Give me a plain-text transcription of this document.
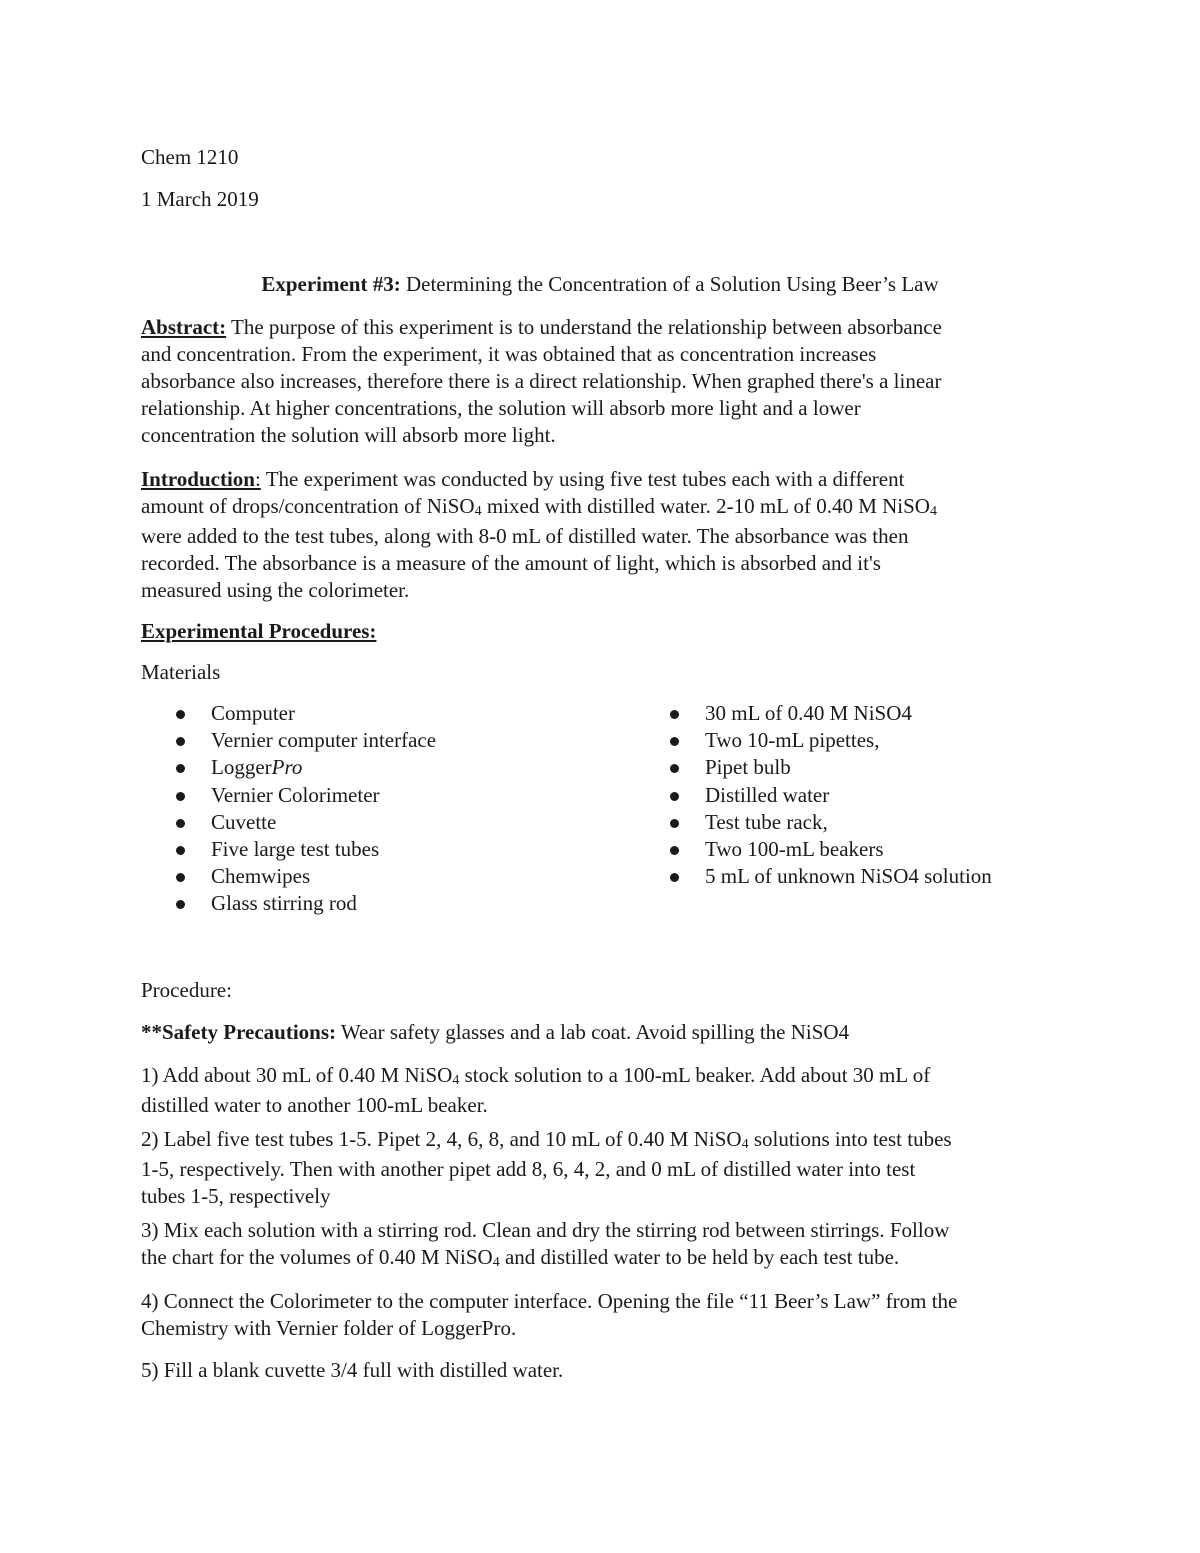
Chem 1210
1 March 2019
Experiment #3: Determining the Concentration of a Solution Using Beer’s Law

Abstract: The purpose of this experiment is to understand the relationship between absorbance

and concentration. From the experiment, it was obtained that as concentration increases

absorbance also increases, therefore there is a direct relationship. When graphed there's a linear

relationship. At higher concentrations, the solution will absorb more light and a lower

concentration the solution will absorb more light.

Introduction: The experiment was conducted by using five test tubes each with a different

amount of drops/concentration of NiSO$_4$ mixed with distilled water. 2-10 mL of 0.40 M NiSO$_4$

were added to the test tubes, along with 8-0 mL of distilled water. The absorbance was then

recorded. The absorbance is a measure of the amount of light, which is absorbed and it's

measured using the colorimeter.

Experimental Procedures:
Materials
Computer
Vernier computer interface
LoggerPro
Vernier Colorimeter
Cuvette
Five large test tubes
Chemwipes
Glass stirring rod
30 mL of 0.40 M NiSO4
Two 10-mL pipettes,
Pipet bulb
Distilled water
Test tube rack,
Two 100-mL beakers
5 mL of unknown NiSO4 solution
Procedure:
**Safety Precautions: Wear safety glasses and a lab coat. Avoid spilling the NiSO4

1) Add about 30 mL of 0.40 M NiSO$_4$ stock solution to a 100-mL beaker. Add about 30 mL of

distilled water to another 100-mL beaker.

2) Label five test tubes 1-5. Pipet 2, 4, 6, 8, and 10 mL of 0.40 M NiSO$_4$ solutions into test tubes

1-5, respectively. Then with another pipet add 8, 6, 4, 2, and 0 mL of distilled water into test

tubes 1-5, respectively

3) Mix each solution with a stirring rod. Clean and dry the stirring rod between stirrings. Follow

the chart for the volumes of 0.40 M NiSO$_4$ and distilled water to be held by each test tube.

4) Connect the Colorimeter to the computer interface. Opening the file “11 Beer’s Law” from the

Chemistry with Vernier folder of LoggerPro.

5) Fill a blank cuvette 3/4 full with distilled water.
